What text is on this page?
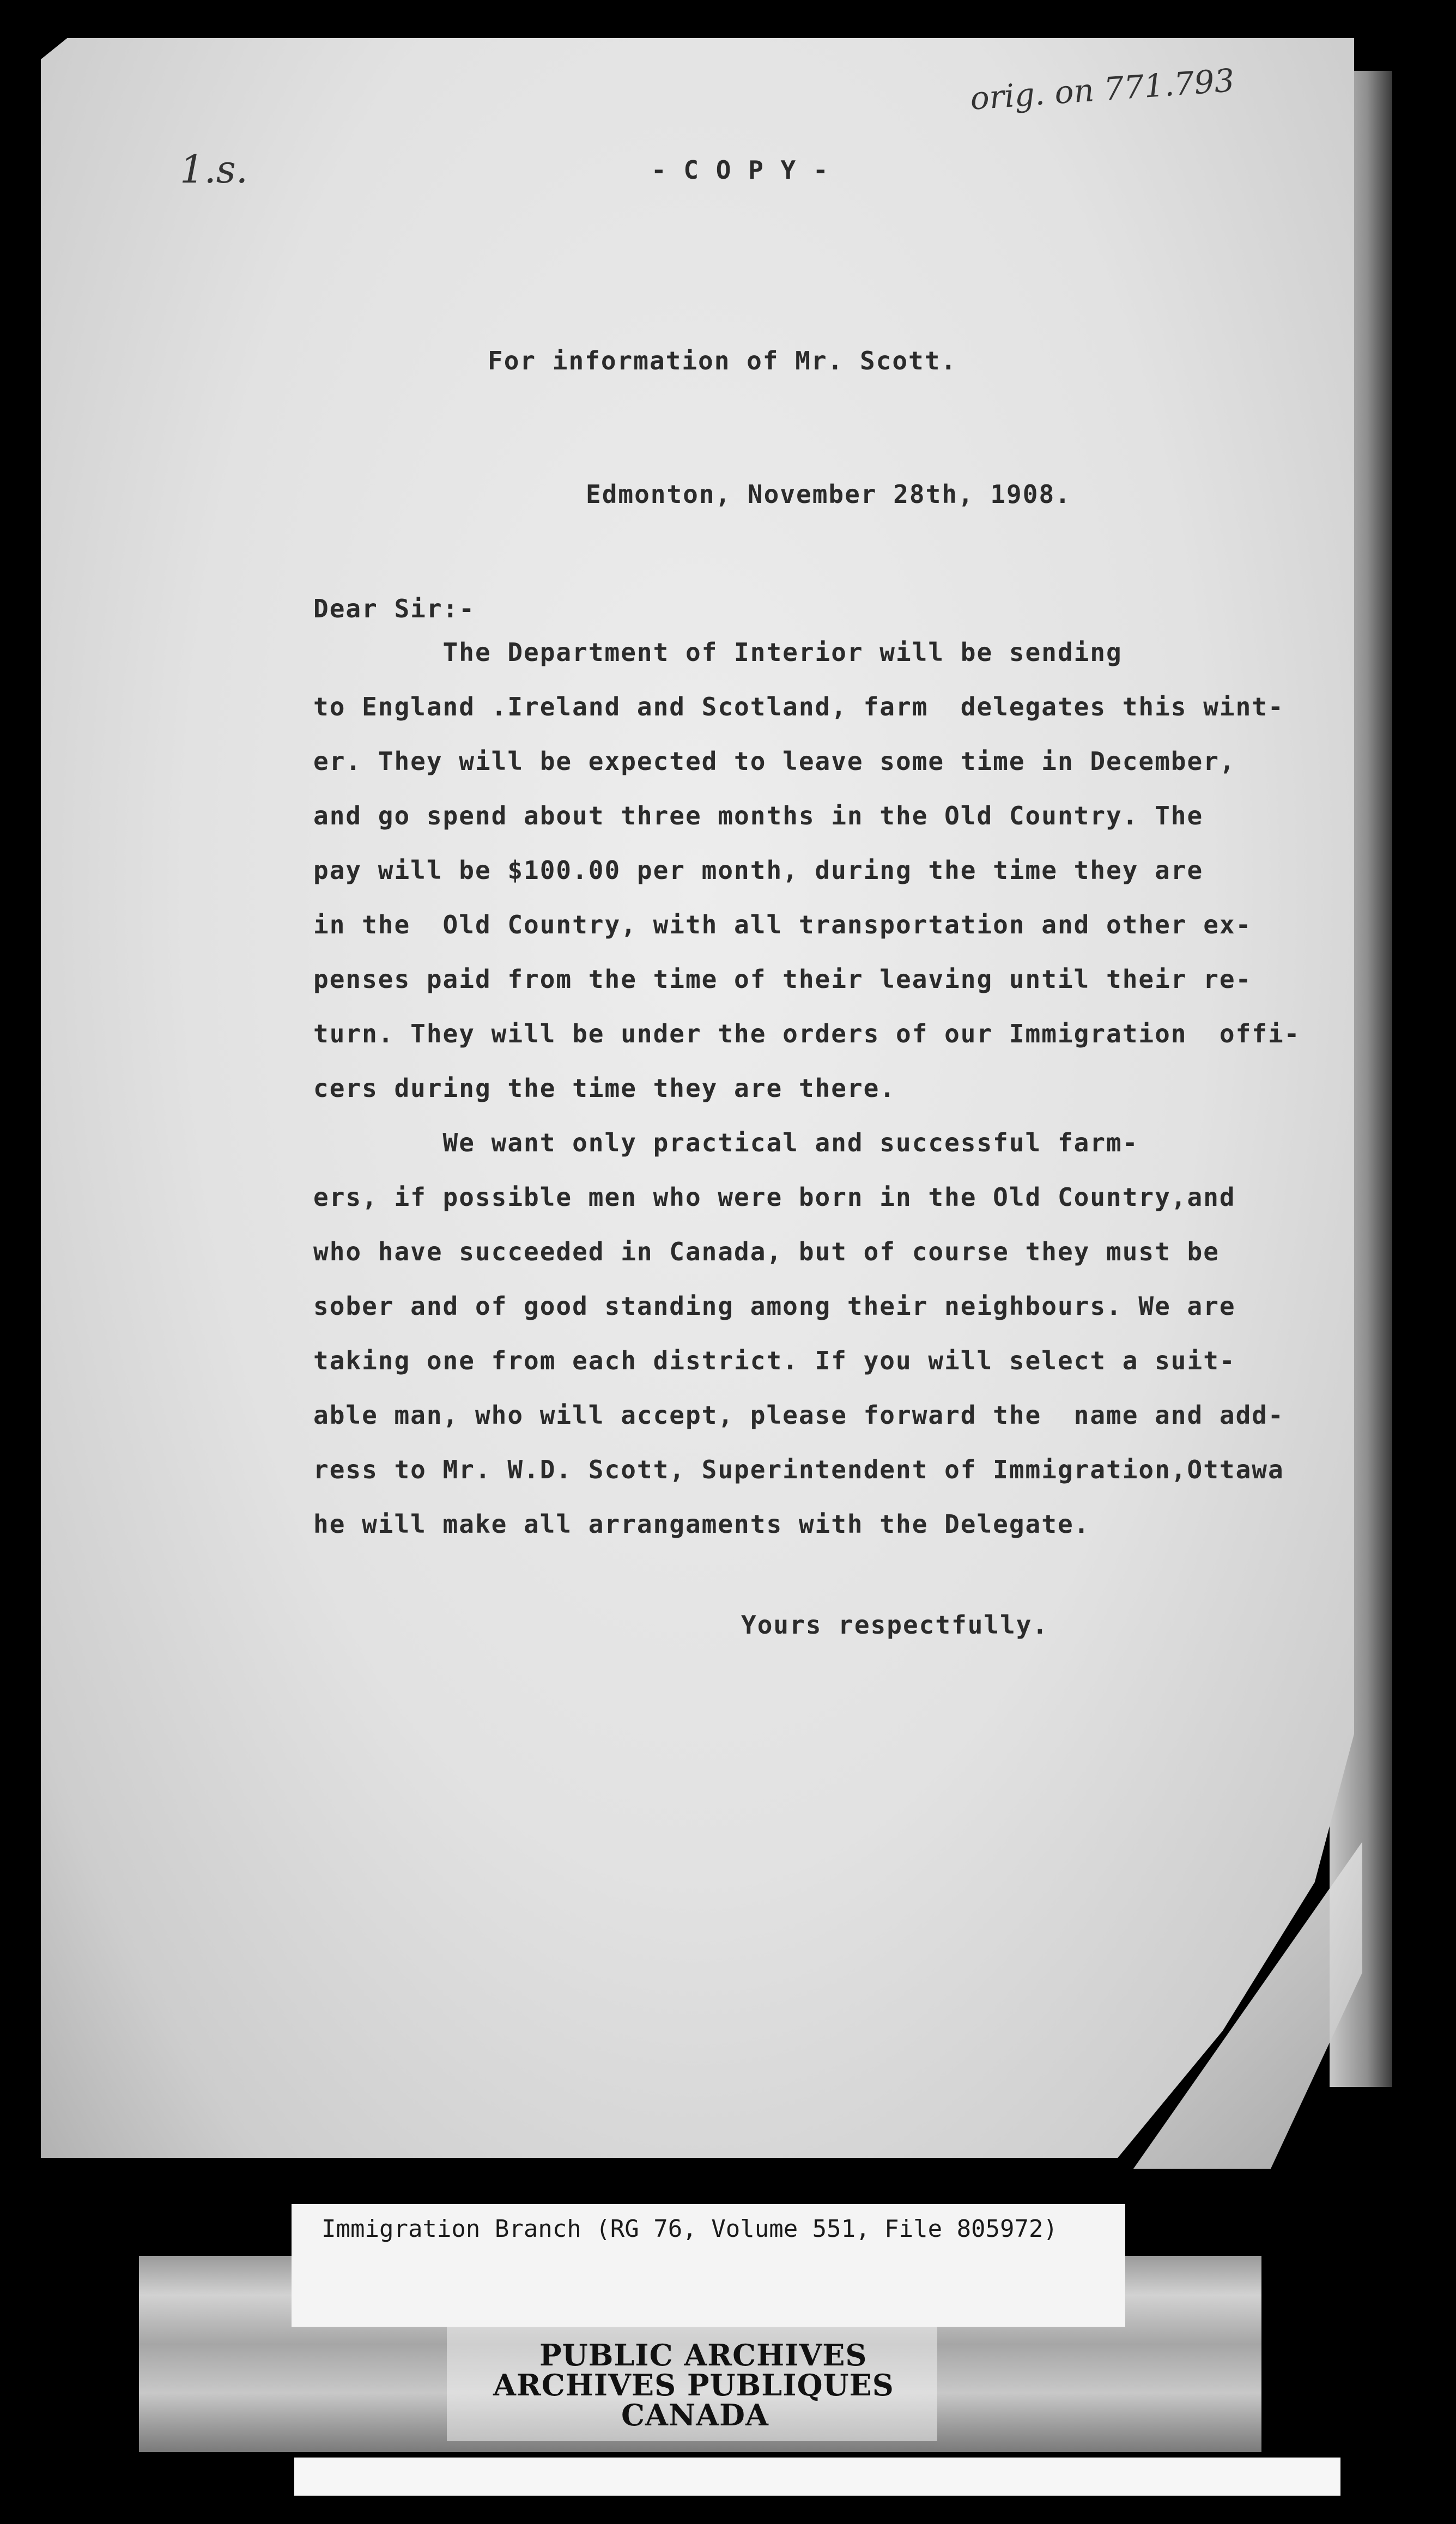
1.s.
orig. on 771.793
- C O P Y -
For information of Mr. Scott.
Edmonton, November 28th, 1908.
Dear Sir:-
The Department of Interior will be sending
to England .Ireland and Scotland, farm  delegates this wint-
er. They will be expected to leave some time in December,
and go spend about three months in the Old Country. The
pay will be $100.00 per month, during the time they are
in the  Old Country, with all transportation and other ex-
penses paid from the time of their leaving until their re-
turn. They will be under the orders of our Immigration  offi-
cers during the time they are there.
We want only practical and successful farm-
ers, if possible men who were born in the Old Country,and
who have succeeded in Canada, but of course they must be
sober and of good standing among their neighbours. We are
taking one from each district. If you will select a suit-
able man, who will accept, please forward the  name and add-
ress to Mr. W.D. Scott, Superintendent of Immigration,Ottawa
he will make all arrangaments with the Delegate.
Yours respectfully.
PUBLIC ARCHIVES
ARCHIVES PUBLIQUES
CANADA
Immigration Branch (RG 76, Volume 551, File 805972)
